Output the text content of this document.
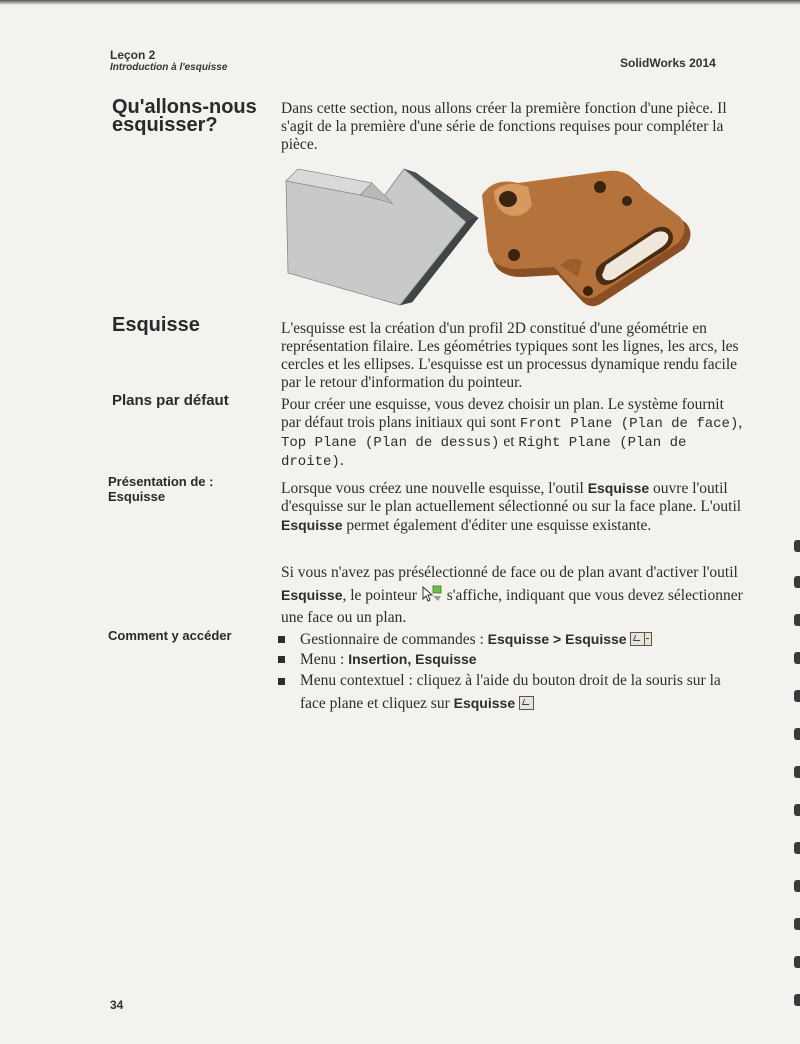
Leçon 2
Introduction à l'esquisse	SolidWorks 2014
Qu'allons-nous
esquisser?
Dans cette section, nous allons créer la première fonction d'une pièce. Il s'agit de la première d'une série de fonctions requises pour compléter la pièce.
Esquisse	L'esquisse est la création d'un profil 2D constitué d'une géométrie en représentation filaire. Les géométries typiques sont les lignes, les arcs, les cercles et les ellipses. L'esquisse est un processus dynamique rendu facile par le retour d'information du pointeur.
Plans par défaut	Pour créer une esquisse, vous devez choisir un plan. Le système fournit par défaut trois plans initiaux qui sont Front Plane (Plan de face), Top Plane (Plan de dessus) et Right Plane (Plan de droite).
Présentation de :
Esquisse	Lorsque vous créez une nouvelle esquisse, l'outil Esquisse ouvre l'outil d'esquisse sur le plan actuellement sélectionné ou sur la face plane. L'outil Esquisse permet également d'éditer une esquisse existante.
Si vous n'avez pas présélectionné de face ou de plan avant d'activer l'outil Esquisse, le pointeur  s'affiche, indiquant que vous devez sélectionner une face ou un plan.
Comment y accéder	Gestionnaire de commandes : Esquisse > Esquisse
Menu : Insertion, Esquisse
Menu contextuel : cliquez à l'aide du bouton droit de la souris sur la face plane et cliquez sur Esquisse
34
